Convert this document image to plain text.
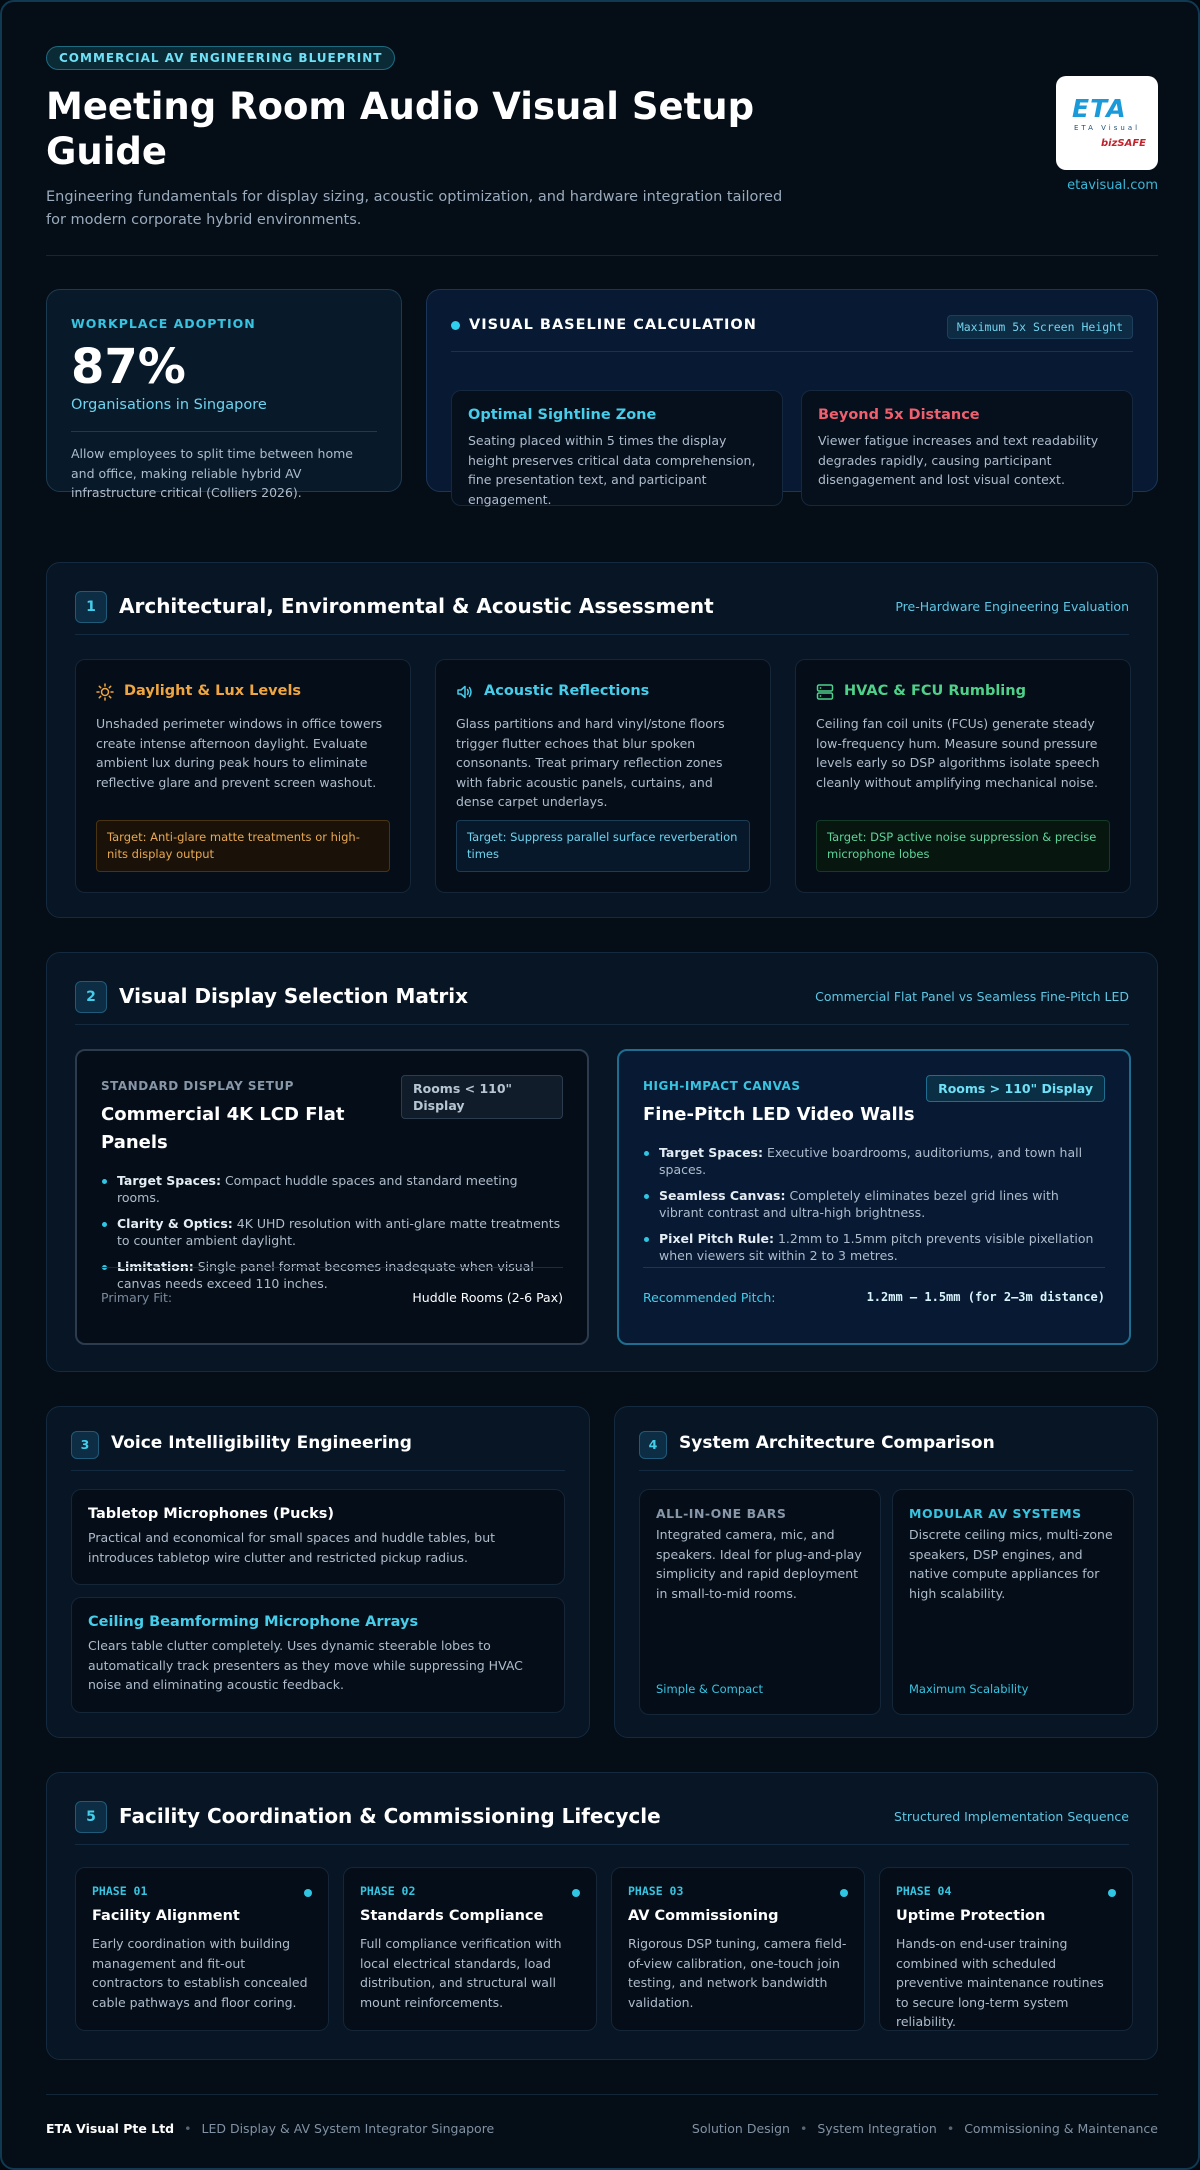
COMMERCIAL AV ENGINEERING BLUEPRINT
Meeting Room Audio Visual Setup Guide

Engineering fundamentals for display sizing, acoustic optimization, and hardware integration tailored for modern corporate hybrid environments.

ETA
ETA Visual
bizSAFE
etavisual.com
WORKPLACE ADOPTION
87%
Organisations in Singapore
Allow employees to split time between home and office, making reliable hybrid AV infrastructure critical (Colliers 2026).
VISUAL BASELINE CALCULATION	Maximum 5x Screen Height
Optimal Sightline Zone
Seating placed within 5 times the display height preserves critical data comprehension, fine presentation text, and participant engagement.
Beyond 5x Distance
Viewer fatigue increases and text readability degrades rapidly, causing participant disengagement and lost visual context.
1	Architectural, Environmental & Acoustic Assessment	Pre-Hardware Engineering Evaluation
Daylight & Lux Levels
Unshaded perimeter windows in office towers create intense afternoon daylight. Evaluate ambient lux during peak hours to eliminate reflective glare and prevent screen washout.
Target: Anti-glare matte treatments or high-nits display output
Acoustic Reflections
Glass partitions and hard vinyl/stone floors trigger flutter echoes that blur spoken consonants. Treat primary reflection zones with fabric acoustic panels, curtains, and dense carpet underlays.
Target: Suppress parallel surface reverberation times
HVAC & FCU Rumbling
Ceiling fan coil units (FCUs) generate steady low-frequency hum. Measure sound pressure levels early so DSP algorithms isolate speech cleanly without amplifying mechanical noise.
Target: DSP active noise suppression & precise microphone lobes
2	Visual Display Selection Matrix	Commercial Flat Panel vs Seamless Fine-Pitch LED
STANDARD DISPLAY SETUP
Commercial 4K LCD Flat Panels
Rooms < 110" Display
Target Spaces: Compact huddle spaces and standard meeting rooms.
Clarity & Optics: 4K UHD resolution with anti-glare matte treatments to counter ambient daylight.
Limitation: Single panel format becomes inadequate when visual canvas needs exceed 110 inches.
Primary Fit:	Huddle Rooms (2-6 Pax)
HIGH-IMPACT CANVAS
Fine-Pitch LED Video Walls
Rooms > 110" Display
Target Spaces: Executive boardrooms, auditoriums, and town hall spaces.
Seamless Canvas: Completely eliminates bezel grid lines with vibrant contrast and ultra-high brightness.
Pixel Pitch Rule: 1.2mm to 1.5mm pitch prevents visible pixellation when viewers sit within 2 to 3 metres.
Recommended Pitch:	1.2mm – 1.5mm (for 2–3m distance)
3	Voice Intelligibility Engineering
Tabletop Microphones (Pucks)
Practical and economical for small spaces and huddle tables, but introduces tabletop wire clutter and restricted pickup radius.
Ceiling Beamforming Microphone Arrays
Clears table clutter completely. Uses dynamic steerable lobes to automatically track presenters as they move while suppressing HVAC noise and eliminating acoustic feedback.
4	System Architecture Comparison
ALL-IN-ONE BARS
Integrated camera, mic, and speakers. Ideal for plug-and-play simplicity and rapid deployment in small-to-mid rooms.
Simple & Compact
MODULAR AV SYSTEMS
Discrete ceiling mics, multi-zone speakers, DSP engines, and native compute appliances for high scalability.
Maximum Scalability
5	Facility Coordination & Commissioning Lifecycle	Structured Implementation Sequence
PHASE 01
Facility Alignment
Early coordination with building management and fit-out contractors to establish concealed cable pathways and floor coring.
PHASE 02
Standards Compliance
Full compliance verification with local electrical standards, load distribution, and structural wall mount reinforcements.
PHASE 03
AV Commissioning
Rigorous DSP tuning, camera field-of-view calibration, one-touch join testing, and network bandwidth validation.
PHASE 04
Uptime Protection
Hands-on end-user training combined with scheduled preventive maintenance routines to secure long-term system reliability.
ETA Visual Pte Ltd • LED Display & AV System Integrator Singapore	Solution Design • System Integration • Commissioning & Maintenance
